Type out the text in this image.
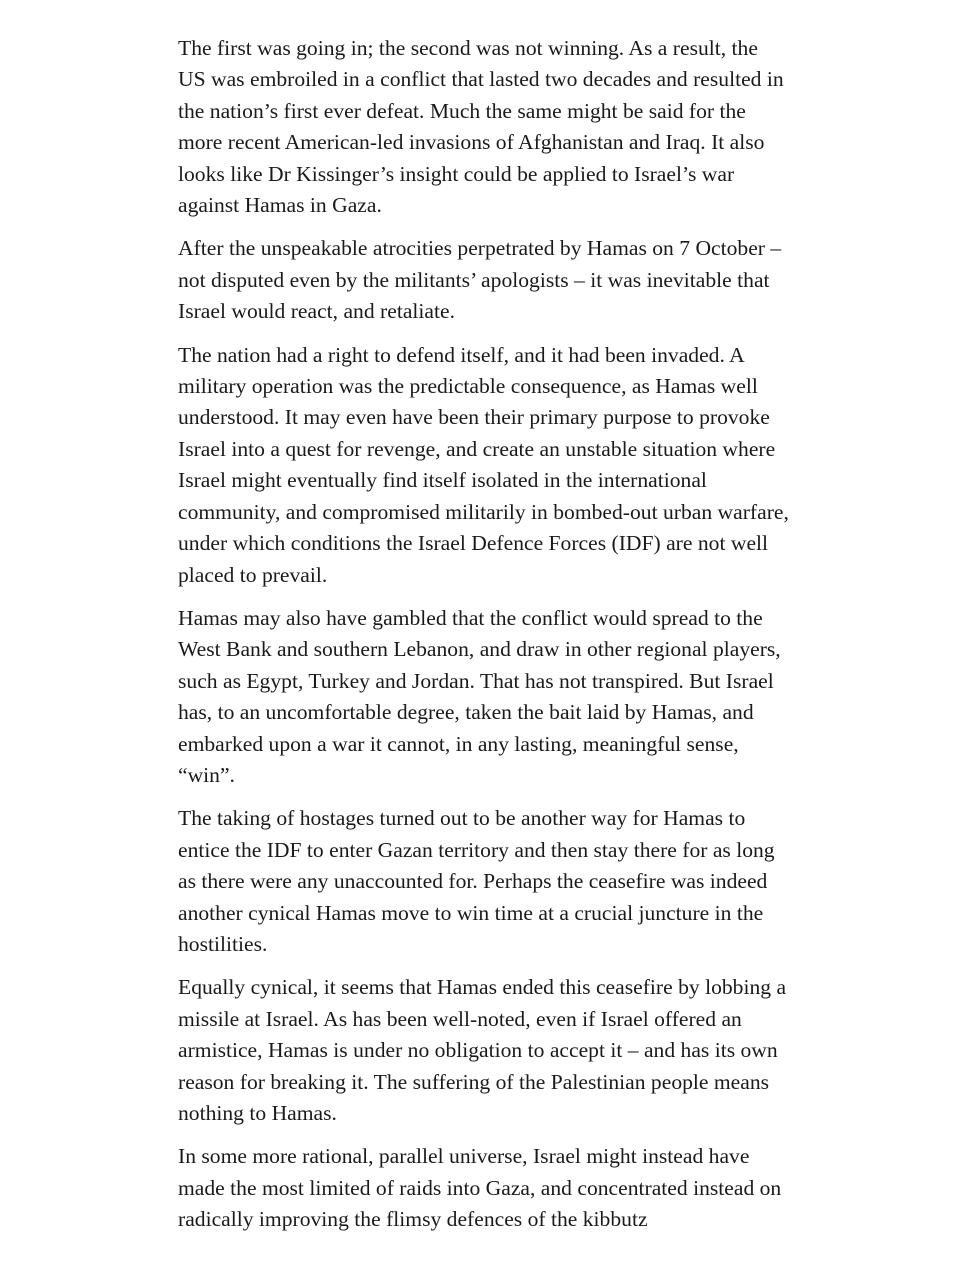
The first was going in; the second was not winning. As a result, the US was embroiled in a conflict that lasted two decades and resulted in the nation’s first ever defeat. Much the same might be said for the more recent American-led invasions of Afghanistan and Iraq. It also looks like Dr Kissinger’s insight could be applied to Israel’s war against Hamas in Gaza.

After the unspeakable atrocities perpetrated by Hamas on 7 October – not disputed even by the militants’ apologists – it was inevitable that Israel would react, and retaliate.

The nation had a right to defend itself, and it had been invaded. A military operation was the predictable consequence, as Hamas well understood. It may even have been their primary purpose to provoke Israel into a quest for revenge, and create an unstable situation where Israel might eventually find itself isolated in the international community, and compromised militarily in bombed-out urban warfare, under which conditions the Israel Defence Forces (IDF) are not well placed to prevail.

Hamas may also have gambled that the conflict would spread to the West Bank and southern Lebanon, and draw in other regional players, such as Egypt, Turkey and Jordan. That has not transpired. But Israel has, to an uncomfortable degree, taken the bait laid by Hamas, and embarked upon a war it cannot, in any lasting, meaningful sense, “win”.

The taking of hostages turned out to be another way for Hamas to entice the IDF to enter Gazan territory and then stay there for as long as there were any unaccounted for. Perhaps the ceasefire was indeed another cynical Hamas move to win time at a crucial juncture in the hostilities.

Equally cynical, it seems that Hamas ended this ceasefire by lobbing a missile at Israel. As has been well-noted, even if Israel offered an armistice, Hamas is under no obligation to accept it – and has its own reason for breaking it. The suffering of the Palestinian people means nothing to Hamas.

In some more rational, parallel universe, Israel might instead have made the most limited of raids into Gaza, and concentrated instead on radically improving the flimsy defences of the kibbutz
